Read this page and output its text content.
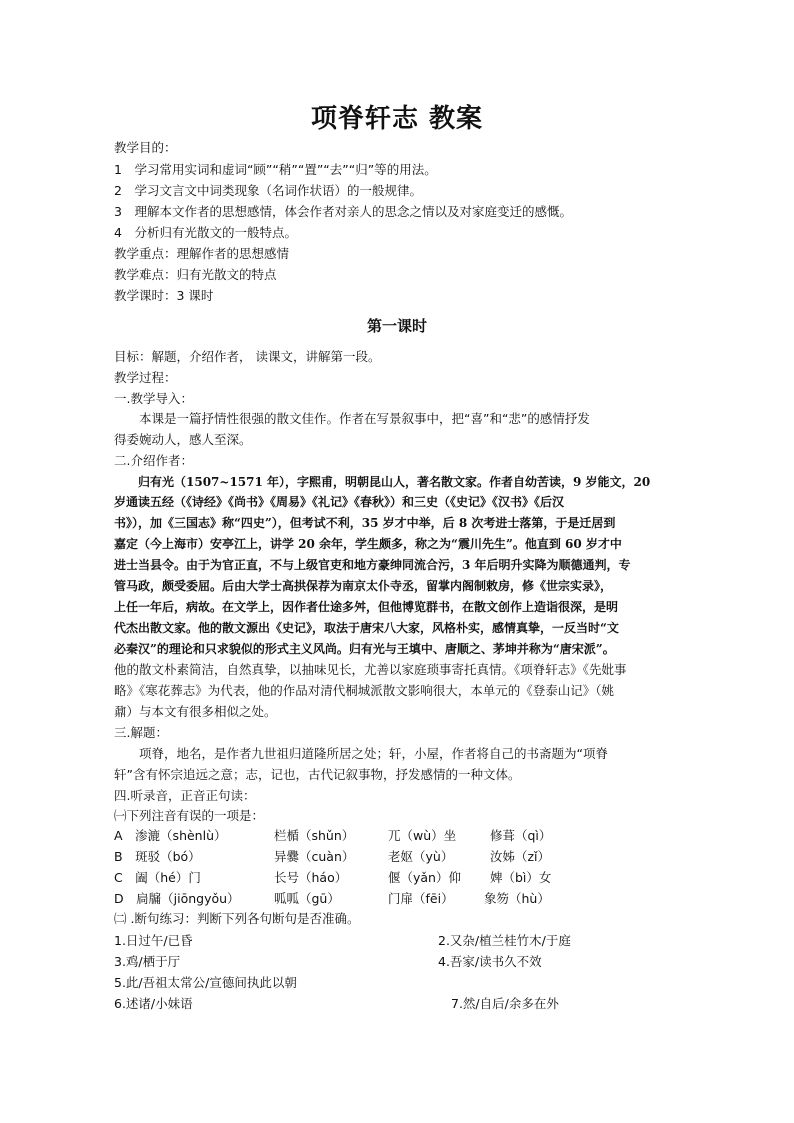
项脊轩志 教案
教学目的：
1　学习常用实词和虚词“顾”“稍”“置”“去”“归”等的用法。
2　学习文言文中词类现象（名词作状语）的一般规律。
3　理解本文作者的思想感情，体会作者对亲人的思念之情以及对家庭变迁的感慨。
4　分析归有光散文的一般特点。
教学重点：理解作者的思想感情
教学难点：归有光散文的特点
教学课时：3 课时
第一课时
目标：解题，介绍作者， 读课文，讲解第一段。
教学过程：
一.教学导入：
　　本课是一篇抒情性很强的散文佳作。作者在写景叙事中，把“喜”和“悲”的感情抒发
得委婉动人，感人至深。
二.介绍作者：
　　归有光（1507~1571 年），字熙甫，明朝昆山人，著名散文家。作者自幼苦读，9 岁能文，20
岁通读五经（《诗经》《尚书》《周易》《礼记》《春秋》）和三史（《史记》《汉书》《后汉
书》），加《三国志》称“四史”），但考试不利，35 岁才中举，后 8 次考进士落第，于是迁居到
嘉定（今上海市）安亭江上，讲学 20 余年，学生颇多，称之为“震川先生”。他直到 60 岁才中
进士当县令。由于为官正直，不与上级官吏和地方豪绅同流合污，3 年后明升实降为顺德通判，专
管马政，颇受委屈。后由大学士高拱保荐为南京太仆寺丞，留掌内阁制敕房，修《世宗实录》，
上任一年后，病故。在文学上，因作者仕途多舛，但他博览群书，在散文创作上造诣很深，是明
代杰出散文家。他的散文源出《史记》，取法于唐宋八大家，风格朴实，感情真挚，一反当时“文
必秦汉”的理论和只求貌似的形式主义风尚。归有光与王填中、唐顺之、茅坤并称为“唐宋派”。
他的散文朴素简洁，自然真挚，以抽味见长，尤善以家庭琐事寄托真情。《项脊轩志》《先妣事
略》《寒花葬志》为代表，他的作品对清代桐城派散文影响很大，本单元的《登泰山记》（姚
鼐）与本文有很多相似之处。
三.解题：
　　项脊，地名，是作者九世祖归道隆所居之处；轩，小屋，作者将自己的书斋题为“项脊
轩”含有怀宗追远之意；志，记也，古代记叙事物，抒发感情的一种文体。
四.听录音，正音正句读：
㈠下列注音有误的一项是：
A　渗漉（shènlù）	栏楯（shǔn）	兀（wù）坐	修葺（qì）
B　斑驳（bó）	异爨（cuàn）	老妪（yù）	汝姊（zǐ）
C　阖（hé）门	长号（háo）	偃（yǎn）仰 婢（bì）女
D　扃牖（jiōngyǒu）	呱呱（gū）	门扉（fēi） 象笏（hù）
㈡ .断句练习：判断下列各句断句是否准确。
1.日过午/已昏	2.又杂/植兰桂竹木/于庭
3.鸡/栖于厅	4.吾家/读书久不效
5.此/吾祖太常公/宣德间执此以朝
6.述诸/小妹语	7.然/自后/余多在外
